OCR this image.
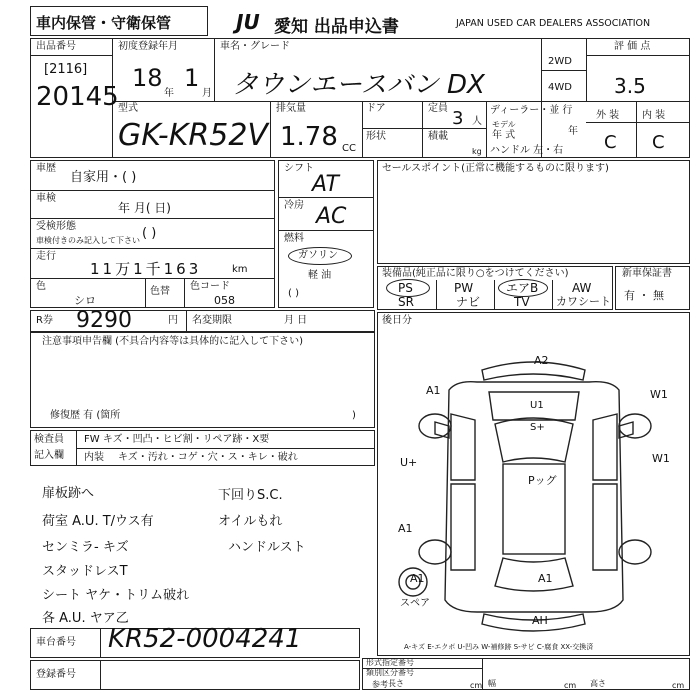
車内保管・守衛保管	JU 愛知 出品申込書	JAPAN USED CAR DEALERS ASSOCIATION
出品番号
[2116]
20145
初度登録年月
18
年
1
月
車名・グレード
タウンエースバン DX
2WD
4WD
評 価 点
3.5
型式
GK-KR52V
排気量
1.78 CC
ドア	定員 3 人
形状	積載
kg
ディーラー・並 行
モデル
年 式	年
ハンドル 左・右
外 装 内 装
C C
車歴
自家用・( )
車検
年 月( 日)
受検形態
車検付きのみ記入して下さい ( )
走行
11万1千163	km
色
シロ
色替 色コード
058
シフト
AT
冷房 AC
燃料
ガソリン
軽 油
( )
セールスポイント(正常に機能するものに限ります)
装備品(純正品に限り○をつけてください)
PS	PW	エアB	AW
SR	ナビ	TV カワシート
新車保証書
有 ・ 無
R券 9290	円 名変期限	月 日
注意事項申告欄 (不具合内容等は具体的に記入して下さい)
修復歴 有 (箇所	)
検査員
記入欄
FW キズ・凹凸・ヒビ割・リペア跡・X要
内装 キズ・汚れ・コゲ・穴・ス・キレ・破れ
扉板跡へ
荷室 A.U. T/ウス有
センミラ- キズ
スタッドレスT
シート ヤケ・トリム破れ
各 A.U. ヤア乙
下回りS.C.
オイルもれ
ハンドルスト
後日分
A2
A1	W1
U1
S+
U+
Pッグ
A1
A1
A1
AH
W1
スペア
A-キズ E-エクボ U-凹み W-補修跡 S-サビ C-腐食 XX-交換済
車台番号 KR52-0004241
登録番号
形式指定番号
類別区分番号
参考 長さ	cm 幅	cm 高さ	cm
